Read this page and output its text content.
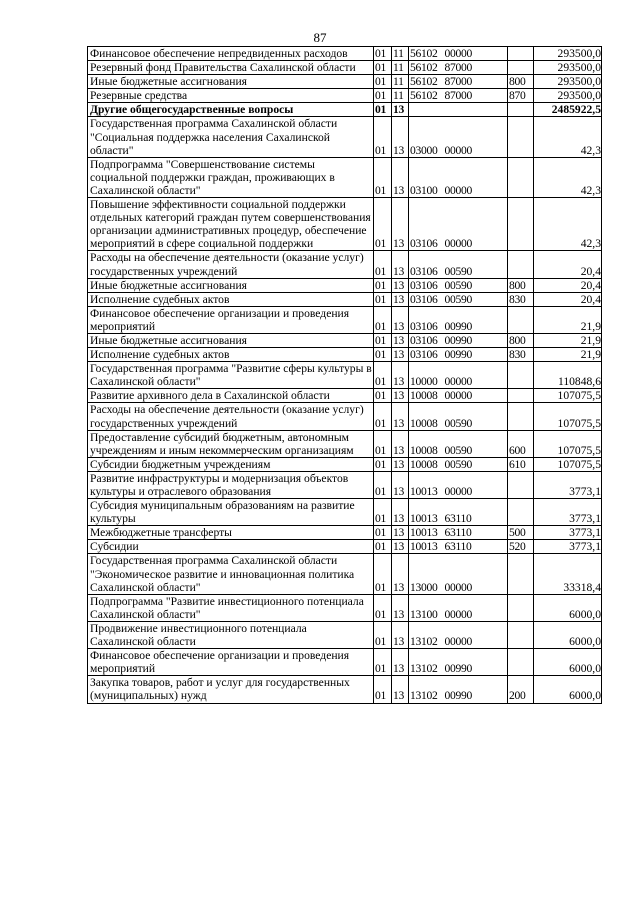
87
Финансовое обеспечение непредвиденных расходов	01	11	56102 00000		293500,0
Резервный фонд Правительства Сахалинской области	01	11	56102 87000		293500,0
Иные бюджетные ассигнования	01	11	56102 87000	800	293500,0
Резервные средства	01	11	56102 87000	870	293500,0
Другие общегосударственные вопросы	01	13			2485922,5
Государственная программа Сахалинской области "Социальная поддержка населения Сахалинской области"	01	13	03000 00000		42,3
Подпрограмма "Совершенствование системы социальной поддержки граждан, проживающих в Сахалинской области"	01	13	03100 00000		42,3
Повышение эффективности социальной поддержки отдельных категорий граждан путем совершенствования организации административных процедур, обеспечение мероприятий в сфере социальной поддержки	01	13	03106 00000		42,3
Расходы на обеспечение деятельности (оказание услуг) государственных учреждений	01	13	03106 00590		20,4
Иные бюджетные ассигнования	01	13	03106 00590	800	20,4
Исполнение судебных актов	01	13	03106 00590	830	20,4
Финансовое обеспечение организации и проведения мероприятий	01	13	03106 00990		21,9
Иные бюджетные ассигнования	01	13	03106 00990	800	21,9
Исполнение судебных актов	01	13	03106 00990	830	21,9
Государственная программа "Развитие сферы культуры в Сахалинской области"	01	13	10000 00000		110848,6
Развитие архивного дела в Сахалинской области	01	13	10008 00000		107075,5
Расходы на обеспечение деятельности (оказание услуг) государственных учреждений	01	13	10008 00590		107075,5
Предоставление субсидий бюджетным, автономным учреждениям и иным некоммерческим организациям	01	13	10008 00590	600	107075,5
Субсидии бюджетным учреждениям	01	13	10008 00590	610	107075,5
Развитие инфраструктуры и модернизация объектов культуры и отраслевого образования	01	13	10013 00000		3773,1
Субсидия муниципальным образованиям на развитие культуры	01	13	10013 63110		3773,1
Межбюджетные трансферты	01	13	10013 63110	500	3773,1
Субсидии	01	13	10013 63110	520	3773,1
Государственная программа Сахалинской области "Экономическое развитие и инновационная политика Сахалинской области"	01	13	13000 00000		33318,4
Подпрограмма "Развитие инвестиционного потенциала Сахалинской области"	01	13	13100 00000		6000,0
Продвижение инвестиционного потенциала Сахалинской области	01	13	13102 00000		6000,0
Финансовое обеспечение организации и проведения мероприятий	01	13	13102 00990		6000,0
Закупка товаров, работ и услуг для государственных (муниципальных) нужд	01	13	13102 00990	200	6000,0
